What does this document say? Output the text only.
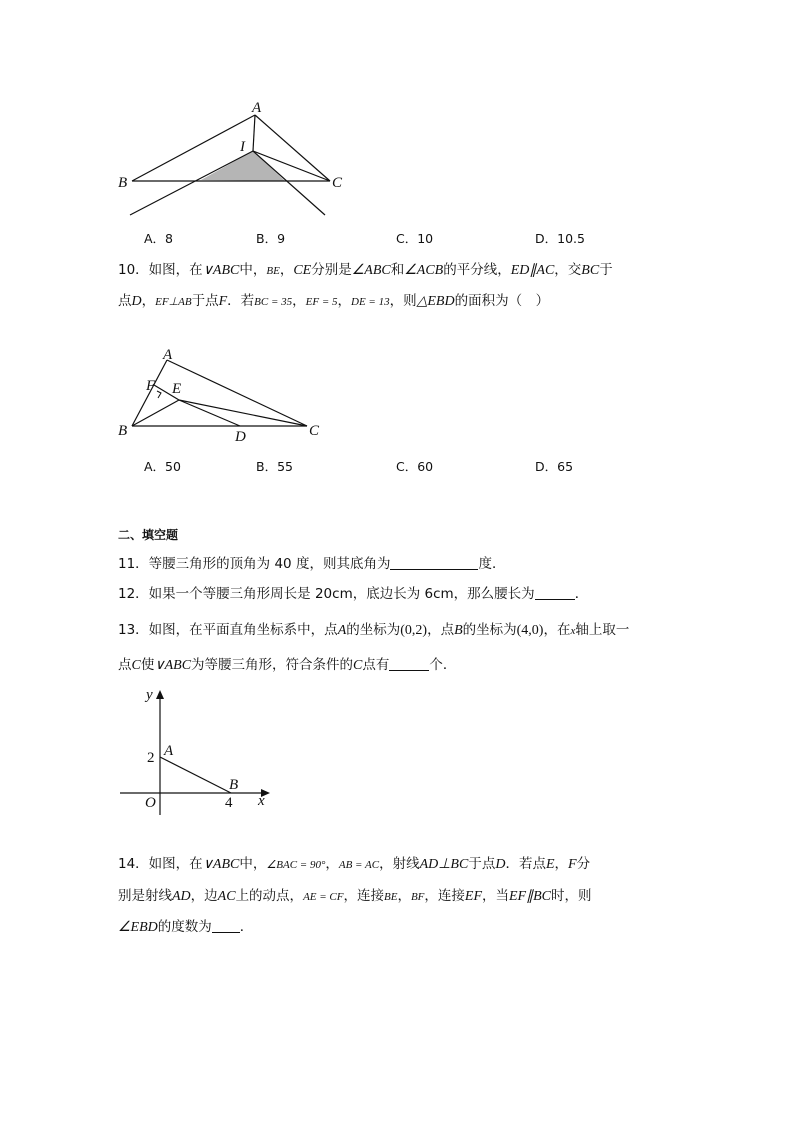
A
I
B	C
A．8	B．9	C．10	D．10.5
10．如图，在∨ABC中，BE，CE分别是∠ABC和∠ACB的平分线，ED∥AC，交BC于
点D，EF⊥AB于点F．若BC = 35，EF = 5，DE = 13，则△EBD的面积为（　）
A
F E
B	D	C
A．50	B．55	C．60	D．65
二、填空题
11．等腰三角形的顶角为 40 度，则其底角为	度．
12．如果一个等腰三角形周长是 20cm，底边长为 6cm，那么腰长为	．
13．如图，在平面直角坐标系中，点A的坐标为(0,2)，点B的坐标为(4,0)，在x轴上取一
点C使∨ABC为等腰三角形，符合条件的C点有	个．
y
x
O
2 A
B
4
14．如图，在∨ABC中，∠BAC = 90°，AB = AC，射线AD⊥BC于点D．若点E，F分
别是射线AD，边AC上的动点，AE = CF，连接BE，BF，连接EF，当EF∥BC时，则
∠EBD的度数为 ．
